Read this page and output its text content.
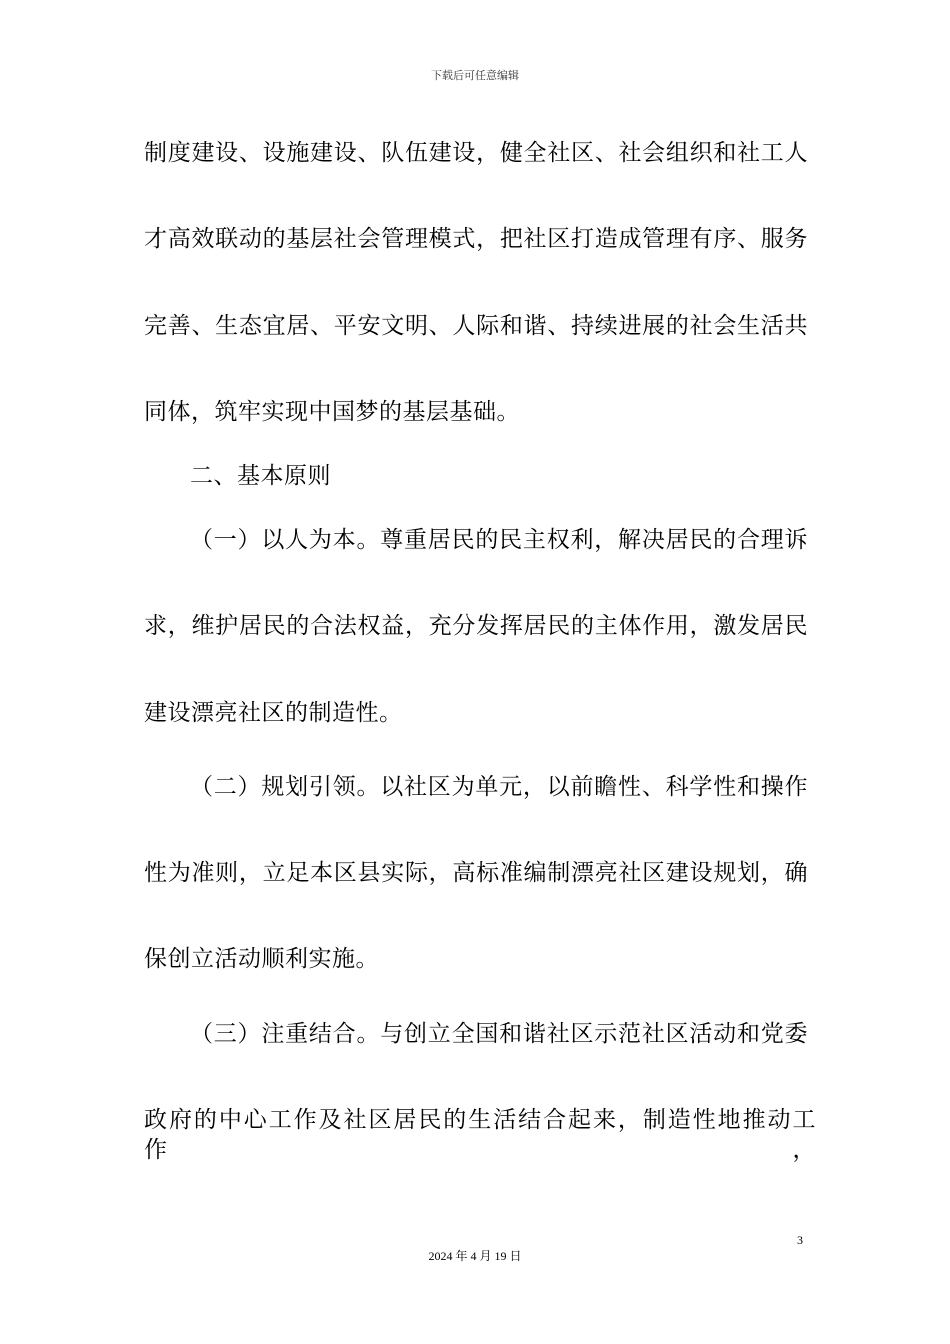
下载后可任意编辑
制度建设、设施建设、队伍建设，健全社区、社会组织和社工人
才高效联动的基层社会管理模式，把社区打造成管理有序、服务
完善、生态宜居、平安文明、人际和谐、持续进展的社会生活共
同体，筑牢实现中国梦的基层基础。
二、基本原则
（一）以人为本。尊重居民的民主权利，解决居民的合理诉
求，维护居民的合法权益，充分发挥居民的主体作用，激发居民
建设漂亮社区的制造性。
（二）规划引领。以社区为单元，以前瞻性、科学性和操作
性为准则，立足本区县实际，高标准编制漂亮社区建设规划，确
保创立活动顺利实施。
（三）注重结合。与创立全国和谐社区示范社区活动和党委
政府的中心工作及社区居民的生活结合起来，制造性地推动工作，
3
2024 年 4 月 19 日
